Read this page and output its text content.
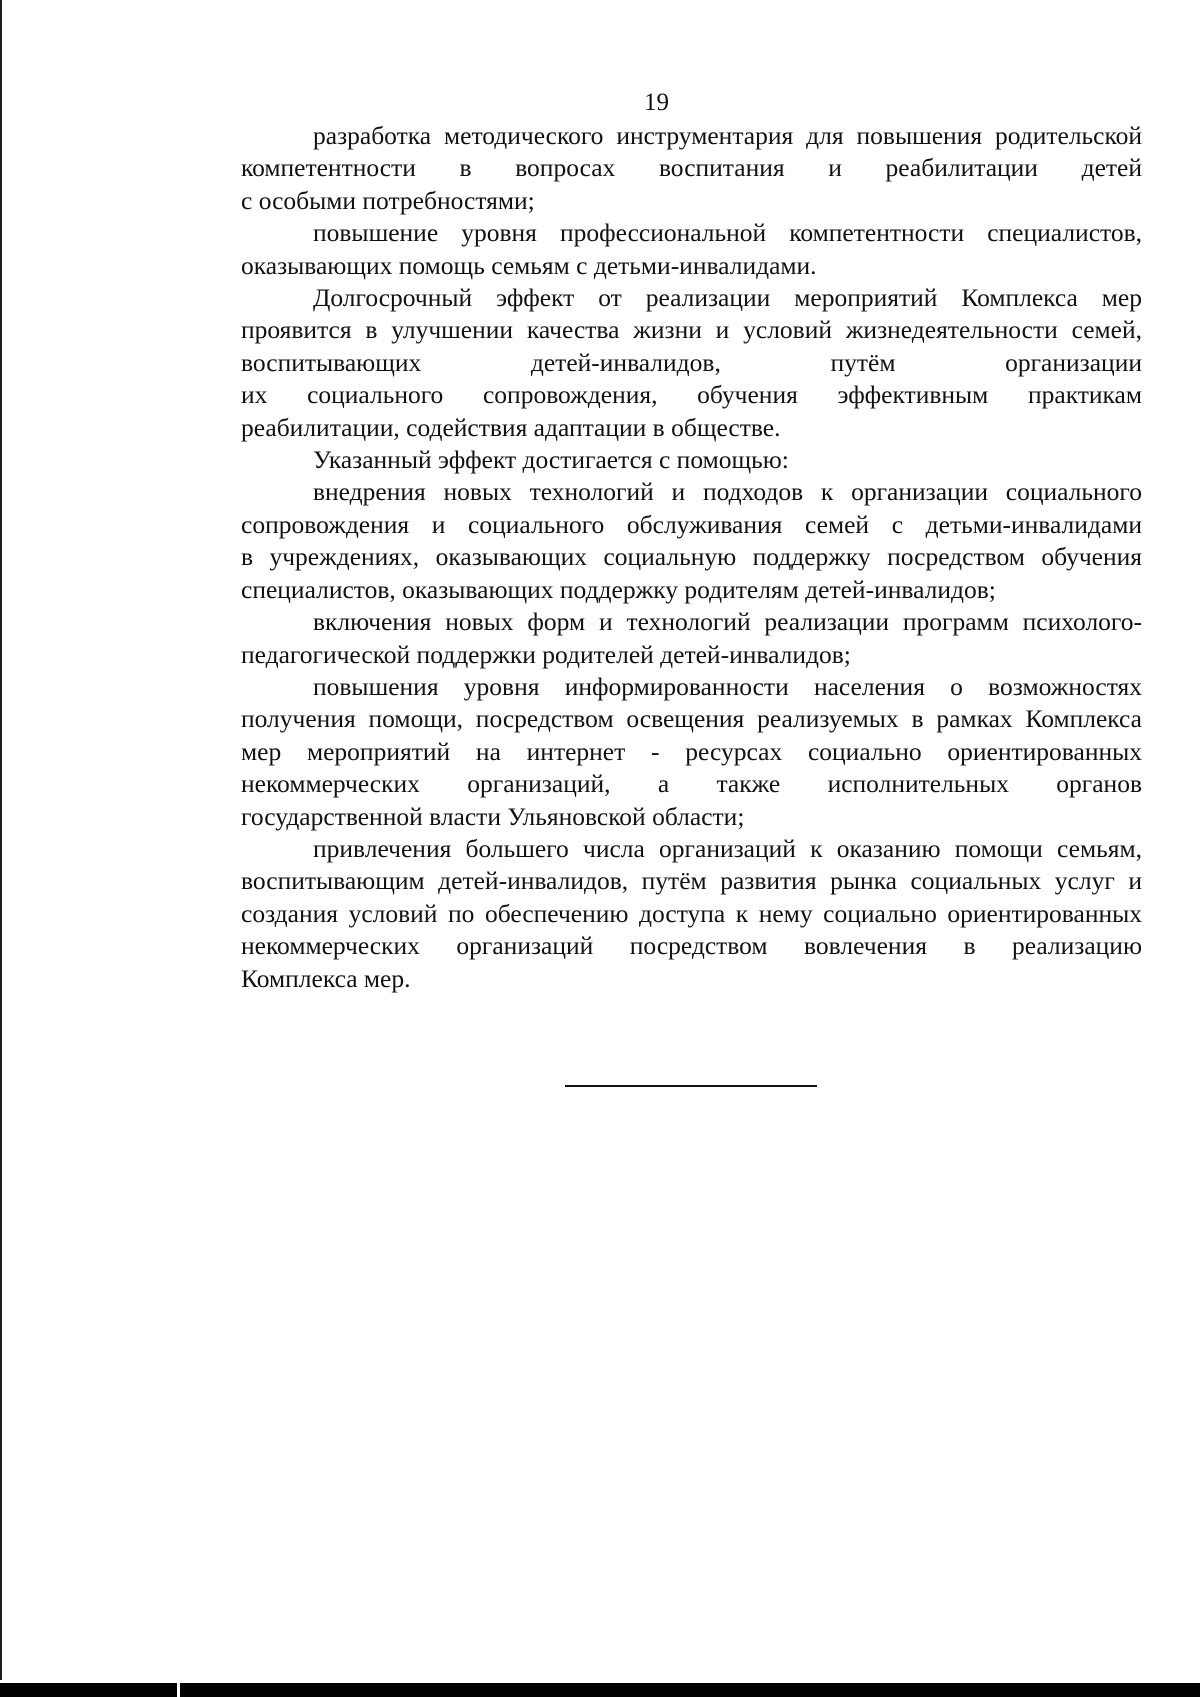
19
разработка методического инструментария для повышения родительской
компетентности в вопросах воспитания и реабилитации детей
с особыми потребностями;
повышение уровня профессиональной компетентности специалистов,
оказывающих помощь семьям с детьми-инвалидами.
Долгосрочный эффект от реализации мероприятий Комплекса мер
проявится в улучшении качества жизни и условий жизнедеятельности семей,
воспитывающих детей-инвалидов, путём организации
их социального сопровождения, обучения эффективным практикам
реабилитации, содействия адаптации в обществе.
Указанный эффект достигается с помощью:
внедрения новых технологий и подходов к организации социального
сопровождения и социального обслуживания семей с детьми-инвалидами
в учреждениях, оказывающих социальную поддержку посредством обучения
специалистов, оказывающих поддержку родителям детей-инвалидов;
включения новых форм и технологий реализации программ психолого-
педагогической поддержки родителей детей-инвалидов;
повышения уровня информированности населения о возможностях
получения помощи, посредством освещения реализуемых в рамках Комплекса
мер мероприятий на интернет - ресурсах социально ориентированных
некоммерческих организаций, а также исполнительных органов
государственной власти Ульяновской области;
привлечения большего числа организаций к оказанию помощи семьям,
воспитывающим детей-инвалидов, путём развития рынка социальных услуг и
создания условий по обеспечению доступа к нему социально ориентированных
некоммерческих организаций посредством вовлечения в реализацию
Комплекса мер.
